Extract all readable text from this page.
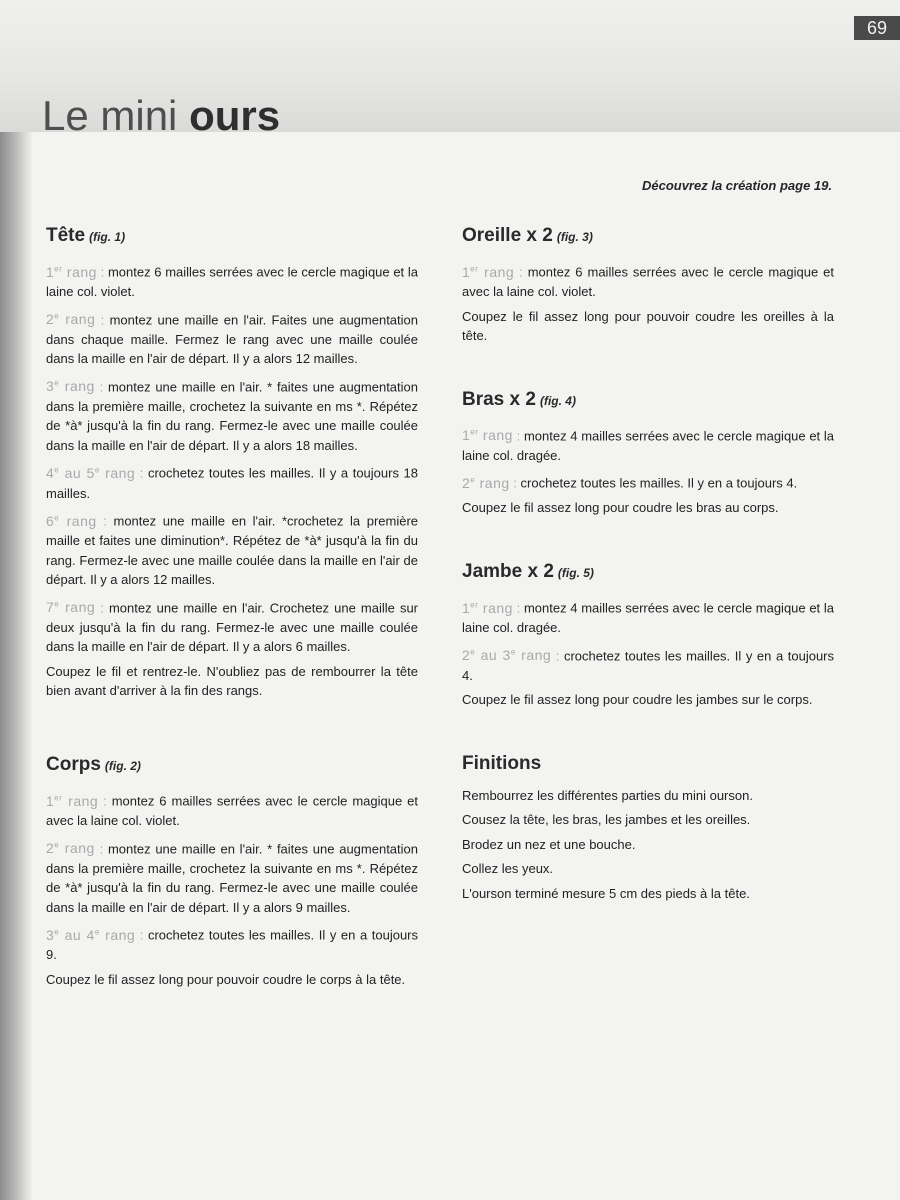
69
Le mini ours
Découvrez la création page 19.
Tête (fig. 1)

1er rang : montez 6 mailles serrées avec le cercle magique et la laine col. violet.

2e rang : montez une maille en l'air. Faites une augmentation dans chaque maille. Fermez le rang avec une maille coulée dans la maille en l'air de départ. Il y a alors 12 mailles.

3e rang : montez une maille en l'air. * faites une augmentation dans la première maille, crochetez la suivante en ms *. Répétez de *à* jusqu'à la fin du rang. Fermez-le avec une maille coulée dans la maille en l'air de départ. Il y a alors 18 mailles.

4e au 5e rang : crochetez toutes les mailles. Il y a toujours 18 mailles.

6e rang : montez une maille en l'air. *crochetez la première maille et faites une diminution*. Répétez de *à* jusqu'à la fin du rang. Fermez-le avec une maille coulée dans la maille en l'air de départ. Il y a alors 12 mailles.

7e rang : montez une maille en l'air. Crochetez une maille sur deux jusqu'à la fin du rang. Fermez-le avec une maille coulée dans la maille en l'air de départ. Il y a alors 6 mailles.

Coupez le fil et rentrez-le. N'oubliez pas de rembourrer la tête bien avant d'arriver à la fin des rangs.

Corps (fig. 2)

1er rang : montez 6 mailles serrées avec le cercle magique et avec la laine col. violet.

2e rang : montez une maille en l'air. * faites une augmentation dans la première maille, crochetez la suivante en ms *. Répétez de *à* jusqu'à la fin du rang. Fermez-le avec une maille coulée dans la maille en l'air de départ. Il y a alors 9 mailles.

3e au 4e rang : crochetez toutes les mailles. Il y en a toujours 9.

Coupez le fil assez long pour pouvoir coudre le corps à la tête.

Oreille x 2 (fig. 3)

1er rang : montez 6 mailles serrées avec le cercle magique et avec la laine col. violet.

Coupez le fil assez long pour pouvoir coudre les oreilles à la tête.

Bras x 2 (fig. 4)

1er rang : montez 4 mailles serrées avec le cercle magique et la laine col. dragée.

2e rang : crochetez toutes les mailles. Il y en a toujours 4.

Coupez le fil assez long pour coudre les bras au corps.

Jambe x 2 (fig. 5)

1er rang : montez 4 mailles serrées avec le cercle magique et la laine col. dragée.

2e au 3e rang : crochetez toutes les mailles. Il y en a toujours 4.

Coupez le fil assez long pour coudre les jambes sur le corps.

Finitions

Rembourrez les différentes parties du mini ourson.

Cousez la tête, les bras, les jambes et les oreilles.

Brodez un nez et une bouche.

Collez les yeux.

L'ourson terminé mesure 5 cm des pieds à la tête.
